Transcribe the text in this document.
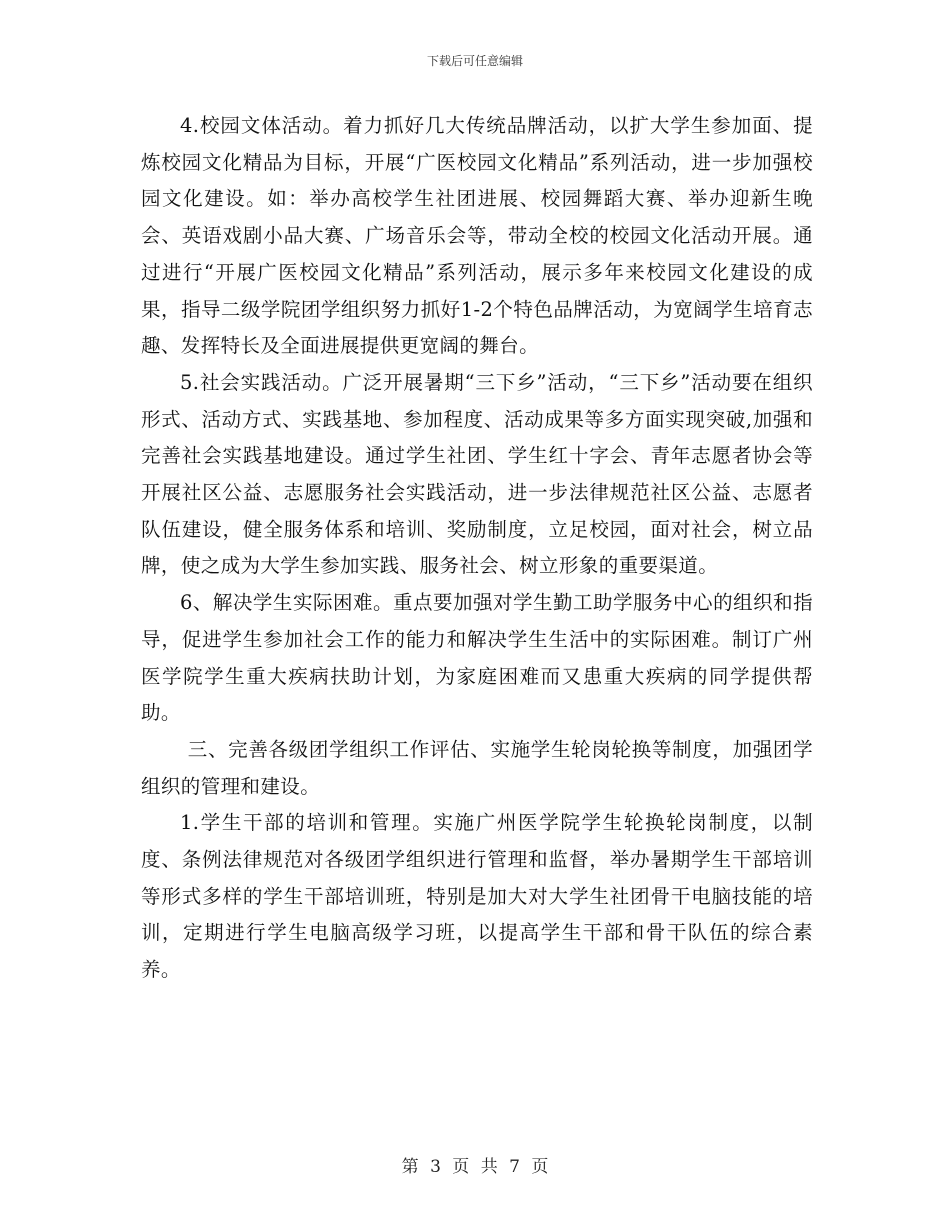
下载后可任意编辑

4.校园文体活动。着力抓好几大传统品牌活动，以扩大学生参加面、提炼校园文化精品为目标，开展“广医校园文化精品”系列活动，进一步加强校园文化建设。如：举办高校学生社团进展、校园舞蹈大赛、举办迎新生晚会、英语戏剧小品大赛、广场音乐会等，带动全校的校园文化活动开展。通过进行“开展广医校园文化精品”系列活动，展示多年来校园文化建设的成果，指导二级学院团学组织努力抓好1-2个特色品牌活动，为宽阔学生培育志趣、发挥特长及全面进展提供更宽阔的舞台。

5.社会实践活动。广泛开展暑期“三下乡”活动，“三下乡”活动要在组织形式、活动方式、实践基地、参加程度、活动成果等多方面实现突破,加强和完善社会实践基地建设。通过学生社团、学生红十字会、青年志愿者协会等开展社区公益、志愿服务社会实践活动，进一步法律规范社区公益、志愿者队伍建设，健全服务体系和培训、奖励制度，立足校园，面对社会，树立品牌，使之成为大学生参加实践、服务社会、树立形象的重要渠道。

6、解决学生实际困难。重点要加强对学生勤工助学服务中心的组织和指导，促进学生参加社会工作的能力和解决学生生活中的实际困难。制订广州医学院学生重大疾病扶助计划，为家庭困难而又患重大疾病的同学提供帮助。

三、完善各级团学组织工作评估、实施学生轮岗轮换等制度，加强团学组织的管理和建设。

1.学生干部的培训和管理。实施广州医学院学生轮换轮岗制度，以制度、条例法律规范对各级团学组织进行管理和监督，举办暑期学生干部培训等形式多样的学生干部培训班，特别是加大对大学生社团骨干电脑技能的培训，定期进行学生电脑高级学习班，以提高学生干部和骨干队伍的综合素养。

第 3 页 共 7 页
